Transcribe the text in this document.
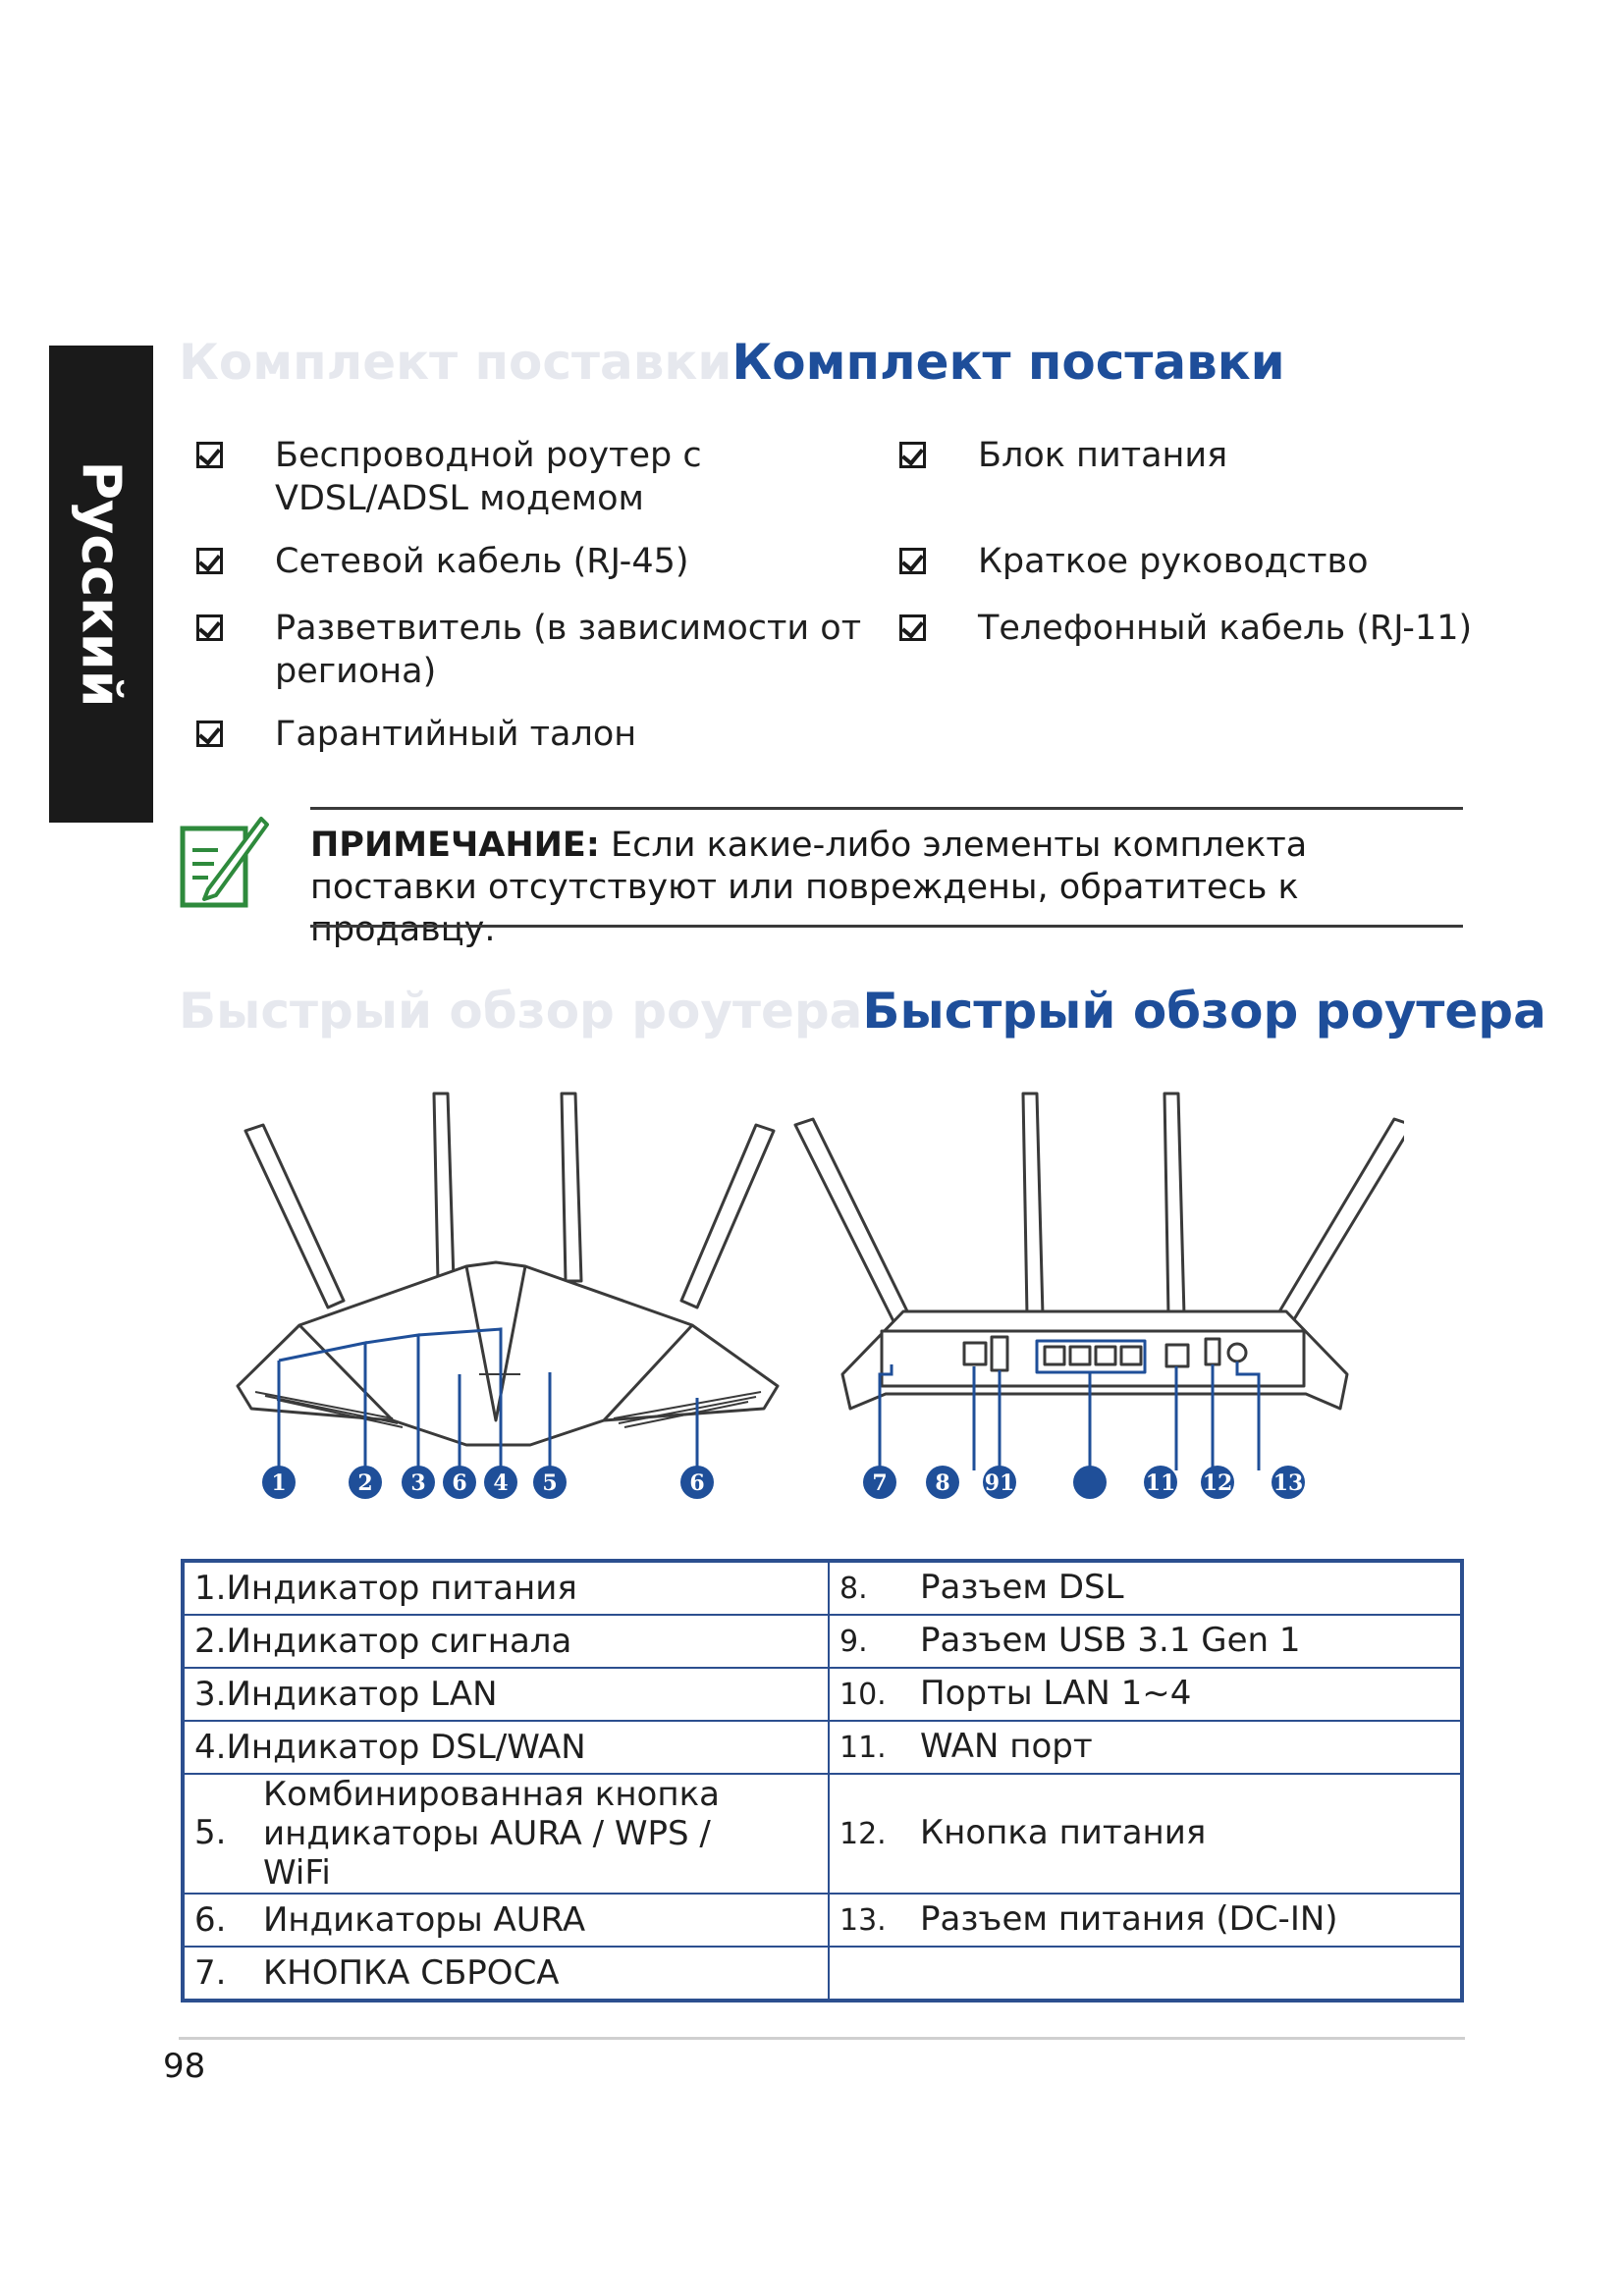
Русский
Комплект поставкиКомплект поставки
Беспроводной роутер с VDSL/ADSL модемом
Блок питания
Сетевой кабель (RJ-45)	Краткое руководство
Разветвитель (в зависимости от региона)
Телефонный кабель (RJ-11)
Гарантийный талон
ПРИМЕЧАНИЕ: Если какие-либо элементы комплекта поставки отсутствуют или повреждены, обратитесь к продавцу.
Быстрый обзор роутераБыстрый обзор роутера
1	2 3 6 4 5	6	7 8 91	11 12 13
1.Индикатор питания	8. Разъем DSL
2.Индикатор сигнала	9. Разъем USB 3.1 Gen 1
3.Индикатор LAN	10. Порты LAN 1~4
4.Индикатор DSL/WAN	11. WAN порт
5.Комбинированная кнопка индикаторы AURA / WPS / WiFi	12. Кнопка питания
6. Индикаторы AURA	13. Разъем питания (DC-IN)
7. КНОПКА СБРОСА	
98
